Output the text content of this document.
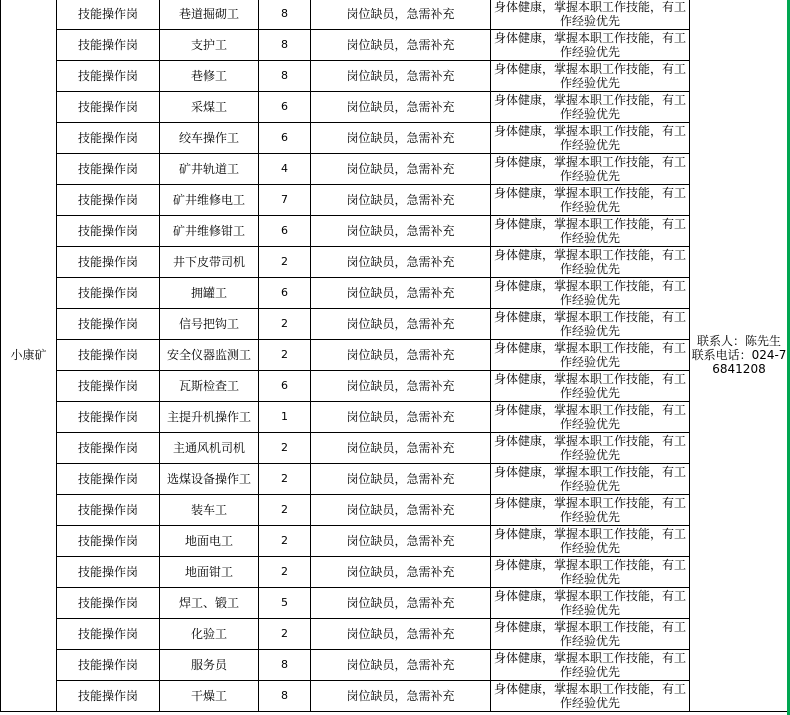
小康矿	技能操作岗	巷道掘砌工	8	岗位缺员，急需补充	身体健康，掌握本职工作技能，有工作经验优先	联系人：陈先生
联系电话：024-76841208

	技能操作岗	支护工	8	岗位缺员，急需补充	身体健康，掌握本职工作技能，有工作经验优先	
	技能操作岗	巷修工	8	岗位缺员，急需补充	身体健康，掌握本职工作技能，有工作经验优先	
	技能操作岗	采煤工	6	岗位缺员，急需补充	身体健康，掌握本职工作技能，有工作经验优先	
	技能操作岗	绞车操作工	6	岗位缺员，急需补充	身体健康，掌握本职工作技能，有工作经验优先	
	技能操作岗	矿井轨道工	4	岗位缺员，急需补充	身体健康，掌握本职工作技能，有工作经验优先	
	技能操作岗	矿井维修电工	7	岗位缺员，急需补充	身体健康，掌握本职工作技能，有工作经验优先	
	技能操作岗	矿井维修钳工	6	岗位缺员，急需补充	身体健康，掌握本职工作技能，有工作经验优先	
	技能操作岗	井下皮带司机	2	岗位缺员，急需补充	身体健康，掌握本职工作技能，有工作经验优先	
	技能操作岗	拥罐工	6	岗位缺员，急需补充	身体健康，掌握本职工作技能，有工作经验优先	
	技能操作岗	信号把钩工	2	岗位缺员，急需补充	身体健康，掌握本职工作技能，有工作经验优先	
	技能操作岗	安全仪器监测工	2	岗位缺员，急需补充	身体健康，掌握本职工作技能，有工作经验优先	
	技能操作岗	瓦斯检查工	6	岗位缺员，急需补充	身体健康，掌握本职工作技能，有工作经验优先	
	技能操作岗	主提升机操作工	1	岗位缺员，急需补充	身体健康，掌握本职工作技能，有工作经验优先	
	技能操作岗	主通风机司机	2	岗位缺员，急需补充	身体健康，掌握本职工作技能，有工作经验优先	
	技能操作岗	选煤设备操作工	2	岗位缺员，急需补充	身体健康，掌握本职工作技能，有工作经验优先	
	技能操作岗	装车工	2	岗位缺员，急需补充	身体健康，掌握本职工作技能，有工作经验优先	
	技能操作岗	地面电工	2	岗位缺员，急需补充	身体健康，掌握本职工作技能，有工作经验优先	
	技能操作岗	地面钳工	2	岗位缺员，急需补充	身体健康，掌握本职工作技能，有工作经验优先	
	技能操作岗	焊工、锻工	5	岗位缺员，急需补充	身体健康，掌握本职工作技能，有工作经验优先	
	技能操作岗	化验工	2	岗位缺员，急需补充	身体健康，掌握本职工作技能，有工作经验优先	
	技能操作岗	服务员	8	岗位缺员，急需补充	身体健康，掌握本职工作技能，有工作经验优先	
	技能操作岗	干燥工	8	岗位缺员，急需补充	身体健康，掌握本职工作技能，有工作经验优先	
